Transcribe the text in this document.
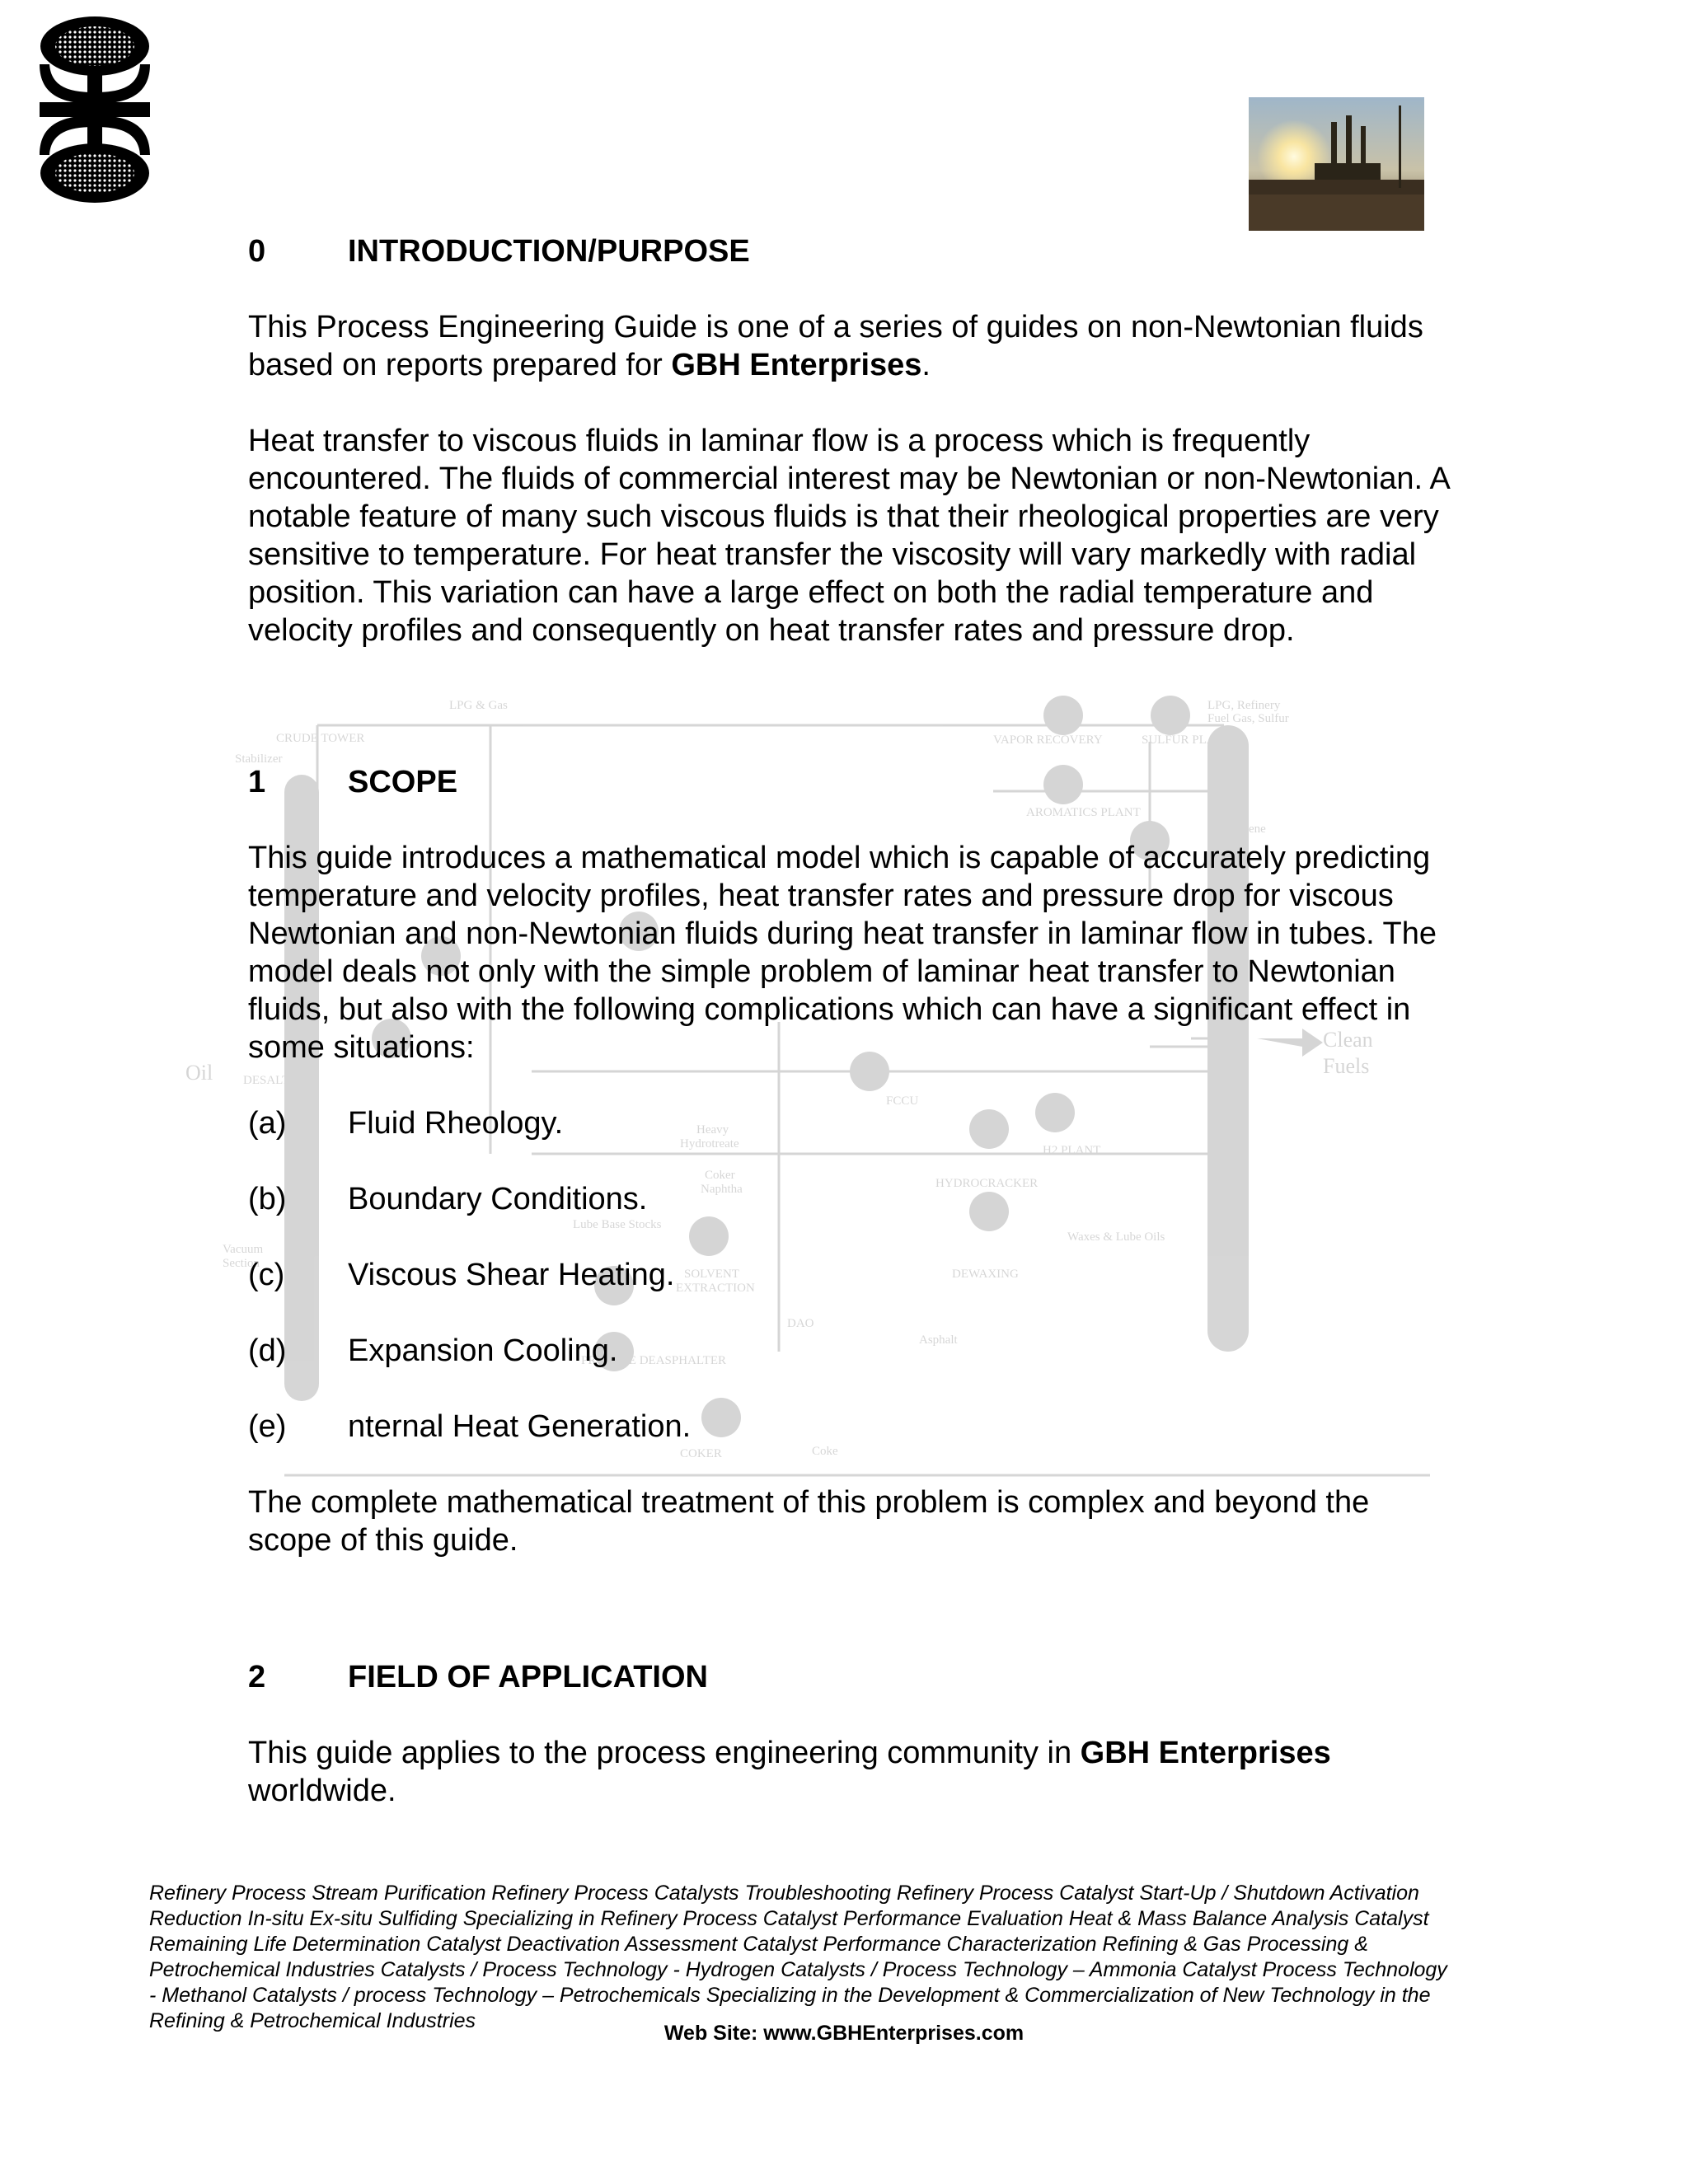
LPG & Gas
CRUDE TOWER	VAPOR RECOVERY	SULFUR PLANT
LPG, Refinery
Fuel Gas, Sulfur
Stabilizer
AROMATICS PLANT
BTX
Propylene
Clean
Fuels
Oil DESALTER
FCCU
Heavy
Hydrotreate	H2 PLANT
Coker
Naphtha	HYDROCRACKER
Lube Base Stocks
Vacuum
Section
SOLVENT
EXTRACTION
DEWAXING
Waxes & Lube Oils
DAO
Asphalt
PROPANE DEASPHALTER
COKER	Coke
0	INTRODUCTION/PURPOSE
This Process Engineering Guide is one of a series of guides on non-Newtonian fluids based on reports prepared for GBH Enterprises.
Heat transfer to viscous fluids in laminar flow is a process which is frequently encountered. The fluids of commercial interest may be Newtonian or non-Newtonian. A notable feature of many such viscous fluids is that their rheological properties are very sensitive to temperature. For heat transfer the viscosity will vary markedly with radial position. This variation can have a large effect on both the radial temperature and velocity profiles and consequently on heat transfer rates and pressure drop.
1	SCOPE
This guide introduces a mathematical model which is capable of accurately predicting temperature and velocity profiles, heat transfer rates and pressure drop for viscous Newtonian and non-Newtonian fluids during heat transfer in laminar flow in tubes. The model deals not only with the simple problem of laminar heat transfer to Newtonian fluids, but also with the following complications which can have a significant effect in some situations:
(a) Fluid Rheology.
(b) Boundary Conditions.
(c) Viscous Shear Heating.
(d) Expansion Cooling.
(e) nternal Heat Generation.
The complete mathematical treatment of this problem is complex and beyond the scope of this guide.
2	FIELD OF APPLICATION
This guide applies to the process engineering community in GBH Enterprises worldwide.
Refinery Process Stream Purification Refinery Process Catalysts Troubleshooting Refinery Process Catalyst Start-Up / Shutdown Activation Reduction In-situ Ex-situ Sulfiding Specializing in Refinery Process Catalyst Performance Evaluation Heat & Mass Balance Analysis Catalyst Remaining Life Determination Catalyst Deactivation Assessment Catalyst Performance Characterization Refining & Gas Processing & Petrochemical Industries Catalysts / Process Technology - Hydrogen Catalysts / Process Technology – Ammonia Catalyst Process Technology - Methanol Catalysts / process Technology – Petrochemicals Specializing in the Development & Commercialization of New Technology in the Refining & Petrochemical Industries
Web Site: www.GBHEnterprises.com
